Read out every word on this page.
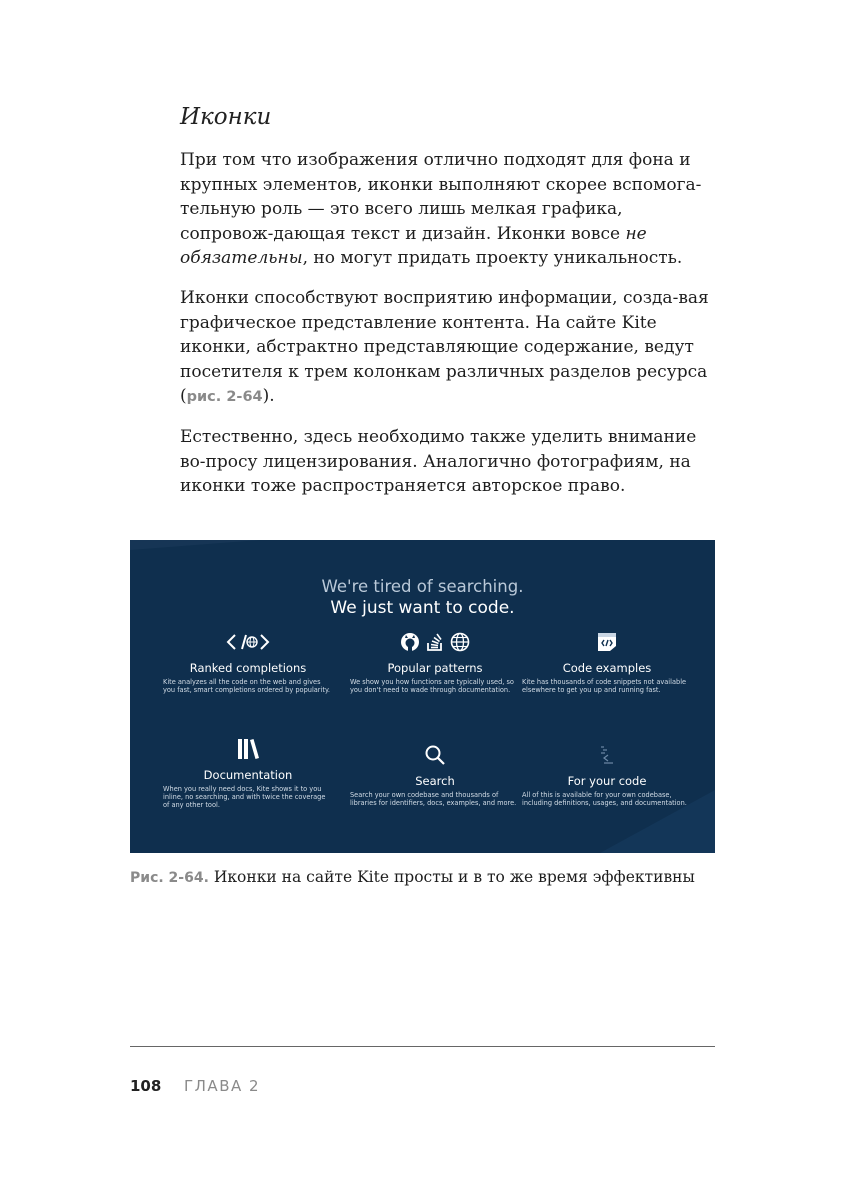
Иконки

При том что изображения отлично подходят для фона и крупных элементов, иконки выполняют скорее вспомога-тельную роль — это всего лишь мелкая графика, сопровож-дающая текст и дизайн. Иконки вовсе не обязательны, но могут придать проекту уникальность.

Иконки способствуют восприятию информации, созда-вая графическое представление контента. На сайте Kite иконки, абстрактно представляющие содержание, ведут посетителя к трем колонкам различных разделов ресурса (рис. 2-64).

Естественно, здесь необходимо также уделить внимание во-просу лицензирования. Аналогично фотографиям, на иконки тоже распространяется авторское право.

We're tired of searching.
We just want to code.
Ranked completions
Kite analyzes all the code on the web and gives you fast, smart completions ordered by popularity.
Popular patterns
We show you how functions are typically used, so you don't need to wade through documentation.
Code examples
Kite has thousands of code snippets not available elsewhere to get you up and running fast.
Documentation
When you really need docs, Kite shows it to you inline, no searching, and with twice the coverage of any other tool.
Search
Search your own codebase and thousands of libraries for identifiers, docs, examples, and more.
For your code
All of this is available for your own codebase, including definitions, usages, and documentation.

Рис. 2-64. Иконки на сайте Kite просты и в то же время эффективны

108 ГЛАВА 2
